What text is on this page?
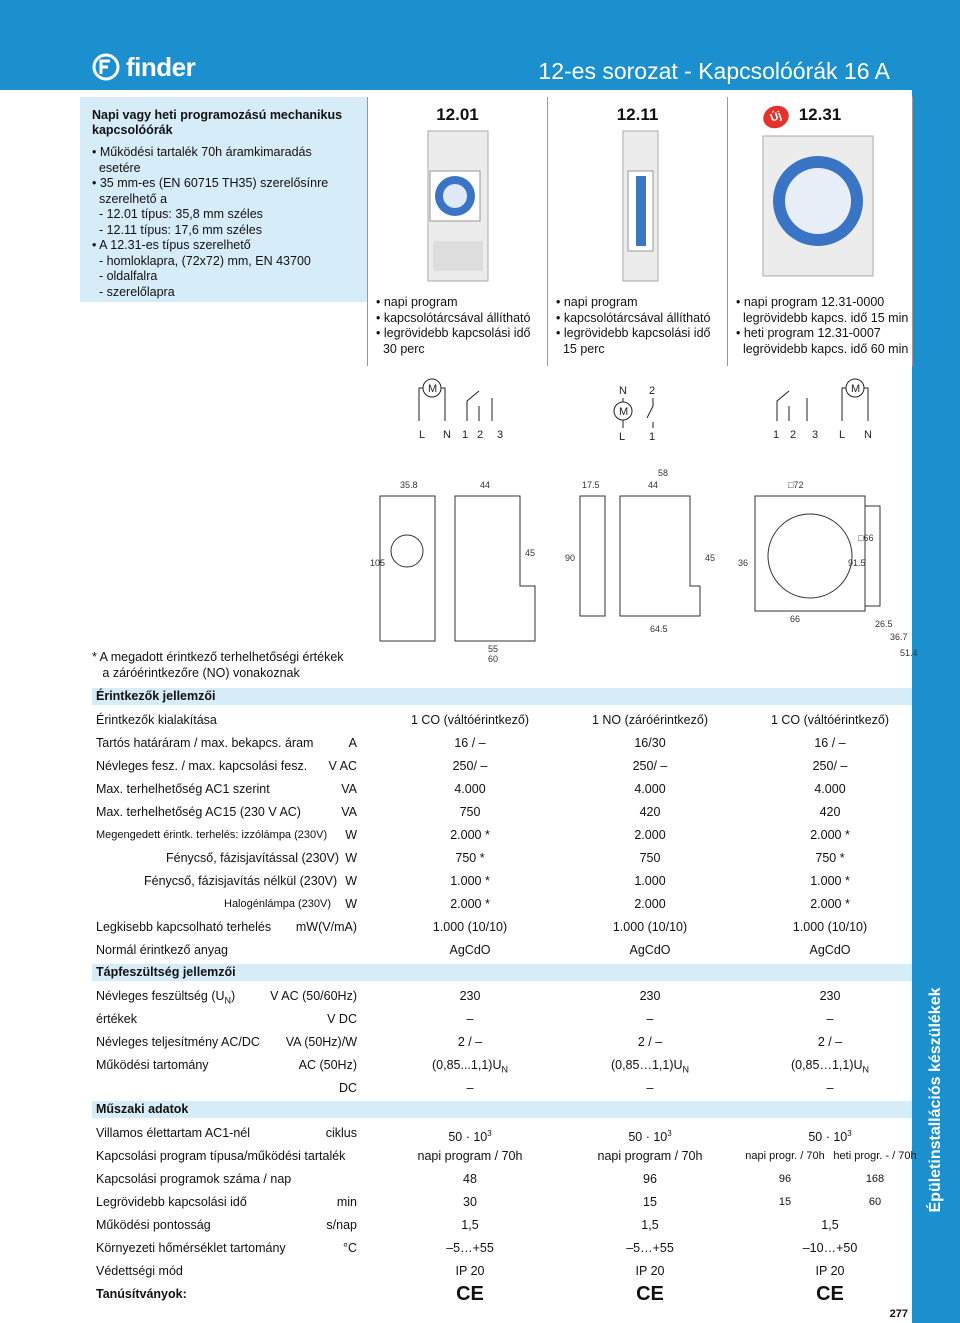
finder	12-es sorozat - Kapcsolóórák 16 A
Épületinstallációs készülékek
Napi vagy heti programozású mechanikus kapcsolóórák
• Működési tartalék 70h áramkimaradás
esetére
• 35 mm-es (EN 60715 TH35) szerelősínre
szerelhető a
- 12.01 típus: 35,8 mm széles
- 12.11 típus: 17,6 mm széles
• A 12.31-es típus szerelhető
- homloklapra, (72x72) mm, EN 43700
- oldalfalra
- szerelőlapra
12.01
• napi program
• kapcsolótárcsával állítható
• legrövidebb kapcsolási idő
30 perc
12.11
• napi program
• kapcsolótárcsával állítható
• legrövidebb kapcsolási idő
15 perc
12.31
• napi program 12.31-0000
legrövidebb kapcs. idő 15 min
• heti program 12.31-0007
legrövidebb kapcs. idő 60 min
Új
M
L N 1 2 3
N 2
M
L 1
M
1 2 3 L N
35.8	44
105
45
55
60
17.5
58
44
90	45
64.5
□72
36	91.5
□66
66	26.5
36.7
51.4
* A megadott érintkező terhelhetőségi értékek
a záróérintkezőre (NO) vonakoznak
Érintkezők jellemzői
Érintkezők kialakítása	1 CO (váltóérintkező)	1 NO (záróérintkező)	1 CO (váltóérintkező)
Tartós határáram / max. bekapcs. áram	A	16 / –	16/30	16 / –
Névleges fesz. / max. kapcsolási fesz. V AC	250/ –	250/ –	250/ –
Max. terhelhetőség AC1 szerint	VA	4.000	4.000	4.000
Max. terhelhetőség AC15 (230 V AC)	VA	750	420	420
Megengedett érintk. terhelés: izzólámpa (230V) W	2.000 *	2.000	2.000 *
Fénycső, fázisjavítással (230V) W	750 *	750	750 *
Fénycső, fázisjavítás nélkül (230V) W	1.000 *	1.000	1.000 *
Halogénlámpa (230V) W	2.000 *	2.000	2.000 *
Legkisebb kapcsolható terhelés mW(V/mA)	1.000 (10/10)	1.000 (10/10)	1.000 (10/10)
Normál érintkező anyag	AgCdO	AgCdO	AgCdO
Tápfeszültség jellemzői
Névleges feszültség $(U_N)$	V AC (50/60Hz)	230	230	230
értékek	V DC	–	–	–
Névleges teljesítmény AC/DC VA (50Hz)/W	2 / –	2 / –	2 / –
Működési tartomány	AC (50Hz)	$(0,85...1,1)U_N$	$(0,85\dots 1,1)U_N$	$(0,85\dots 1,1)U_N$
DC	–	–	–
Műszaki adatok
Villamos élettartam AC1-nél	ciklus	$50 \cdot 10^3$	$50 \cdot 10^3$	$50 \cdot 10^3$
Kapcsolási program típusa/működési tartalék	napi program / 70h	napi program / 70h	napi progr. / 70h heti progr. - / 70h
Kapcsolási programok száma / nap	48	96	96	168
Legrövidebb kapcsolási idő	min	30	15	15	60
Működési pontosság	s/nap	1,5	1,5	1,5
Környezeti hőmérséklet tartomány	°C	–5…+55	–5…+55	–10…+50
Védettségi mód	IP 20	IP 20	IP 20
Tanúsítványok:	CE	CE	CE
277
